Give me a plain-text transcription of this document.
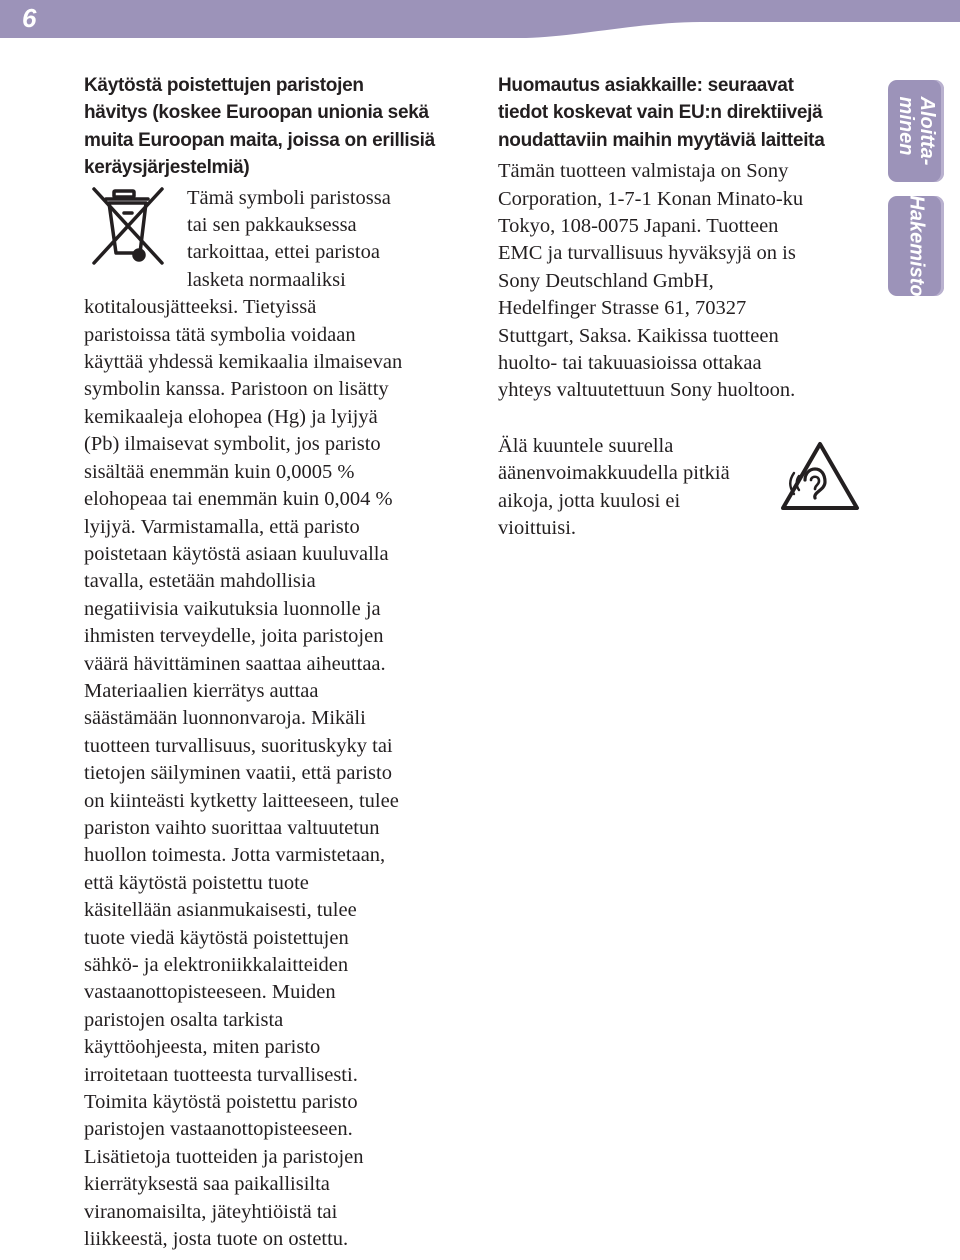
6
Aloitta-
minen
Hakemisto
Käytöstä poistettujen paristojen
hävitys (koskee Euroopan unionia sekä
muita Euroopan maita, joissa on erillisiä
keräysjärjestelmiä)
Tämä symboli paristossa
tai sen pakkauksessa
tarkoittaa, ettei paristoa
lasketa normaaliksi
kotitalousjätteeksi. Tietyissä
paristoissa tätä symbolia voidaan
käyttää yhdessä kemikaalia ilmaisevan
symbolin kanssa. Paristoon on lisätty
kemikaaleja elohopea (Hg) ja lyijyä
(Pb) ilmaisevat symbolit, jos paristo
sisältää enemmän kuin 0,0005 %
elohopeaa tai enemmän kuin 0,004 %
lyijyä. Varmistamalla, että paristo
poistetaan käytöstä asiaan kuuluvalla
tavalla, estetään mahdollisia
negatiivisia vaikutuksia luonnolle ja
ihmisten terveydelle, joita paristojen
väärä hävittäminen saattaa aiheuttaa.
Materiaalien kierrätys auttaa
säästämään luonnonvaroja. Mikäli
tuotteen turvallisuus, suorituskyky tai
tietojen säilyminen vaatii, että paristo
on kiinteästi kytketty laitteeseen, tulee
pariston vaihto suorittaa valtuutetun
huollon toimesta. Jotta varmistetaan,
että käytöstä poistettu tuote
käsitellään asianmukaisesti, tulee
tuote viedä käytöstä poistettujen
sähkö- ja elektroniikkalaitteiden
vastaanottopisteeseen. Muiden
paristojen osalta tarkista
käyttöohjeesta, miten paristo
irroitetaan tuotteesta turvallisesti.
Toimita käytöstä poistettu paristo
paristojen vastaanottopisteeseen.
Lisätietoja tuotteiden ja paristojen
kierrätyksestä saa paikallisilta
viranomaisilta, jäteyhtiöistä tai
liikkeestä, josta tuote on ostettu.
Huomautus asiakkaille: seuraavat
tiedot koskevat vain EU:n direktiivejä
noudattaviin maihin myytäviä laitteita
Tämän tuotteen valmistaja on Sony
Corporation, 1-7-1 Konan Minato-ku
Tokyo, 108-0075 Japani. Tuotteen
EMC ja turvallisuus hyväksyjä on is
Sony Deutschland GmbH,
Hedelfinger Strasse 61, 70327
Stuttgart, Saksa. Kaikissa tuotteen
huolto- tai takuuasioissa ottakaa
yhteys valtuutettuun Sony huoltoon.
Älä kuuntele suurella
äänenvoimakkuudella pitkiä
aikoja, jotta kuulosi ei
vioittuisi.
